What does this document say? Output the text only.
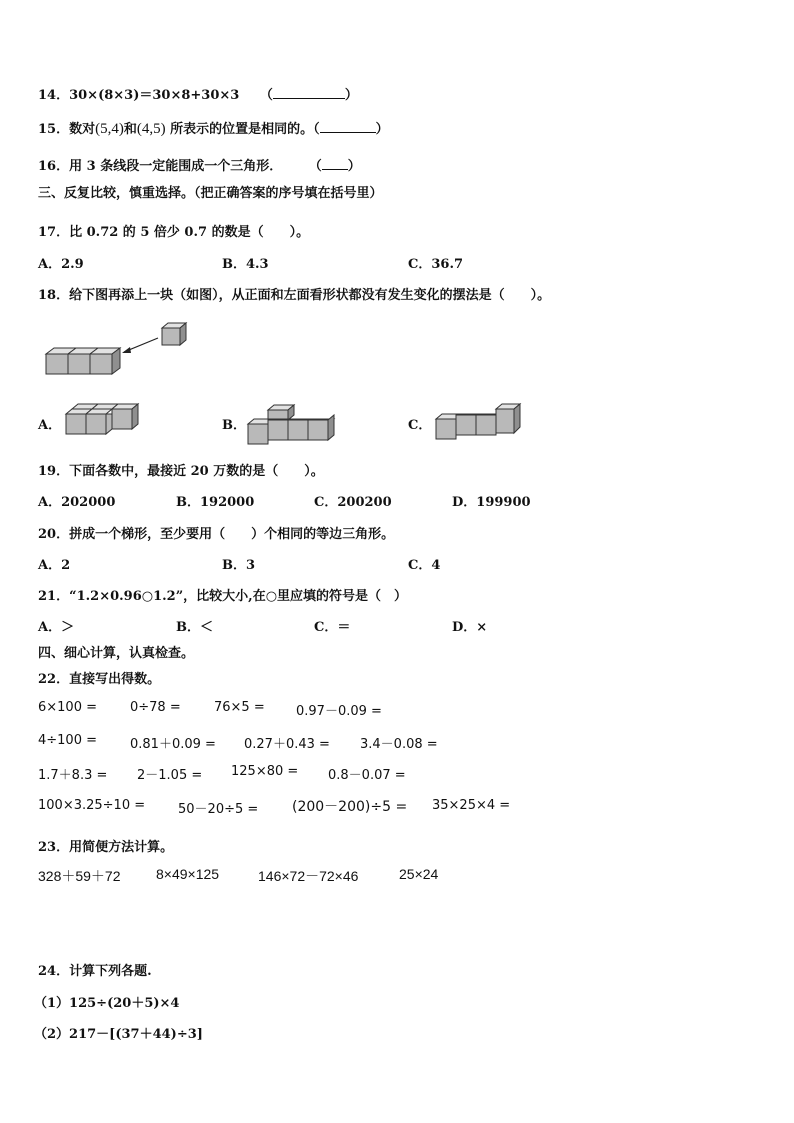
14．30×(8×3)＝30×8+30×3 （	）
15．数对(5,4)和(4,5) 所表示的位置是相同的。（	）
16．用 3 条线段一定能围成一个三角形． （ ）
三、反复比较，慎重选择。（把正确答案的序号填在括号里）
17．比 0.72 的 5 倍少 0.7 的数是（　　）。
A．2.9	B．4.3	C．36.7
18．给下图再添上一块（如图），从正面和左面看形状都没有发生变化的摆法是（　　）。
A．	B．	C．
19．下面各数中，最接近 20 万数的是（　　）。
A．202000	B．192000	C．200200	D．199900
20．拼成一个梯形，至少要用（　　）个相同的等边三角形。
A．2	B．3	C．4
21．“1.2×0.96○1.2”，比较大小,在○里应填的符号是（　）
A．＞	B．＜	C．＝	D．×
四、细心计算，认真检查。
22．直接写出得数。
6×100 =	0÷78 =	76×5 = 0.97－0.09 =
4÷100 =	0.81＋0.09 = 0.27＋0.43 = 3.4－0.08 =
1.7＋8.3 = 2－1.05 = 125×80 = 0.8－0.07 =
100×3.25÷10 =	50－20÷5 = (200－200)÷5 = 35×25×4 =
23．用简便方法计算。
328＋59＋72	8×49×125	146×72－72×46	25×24
24．计算下列各题.
（1）125÷(20＋5)×4
（2）217－[(37＋44)÷3]
